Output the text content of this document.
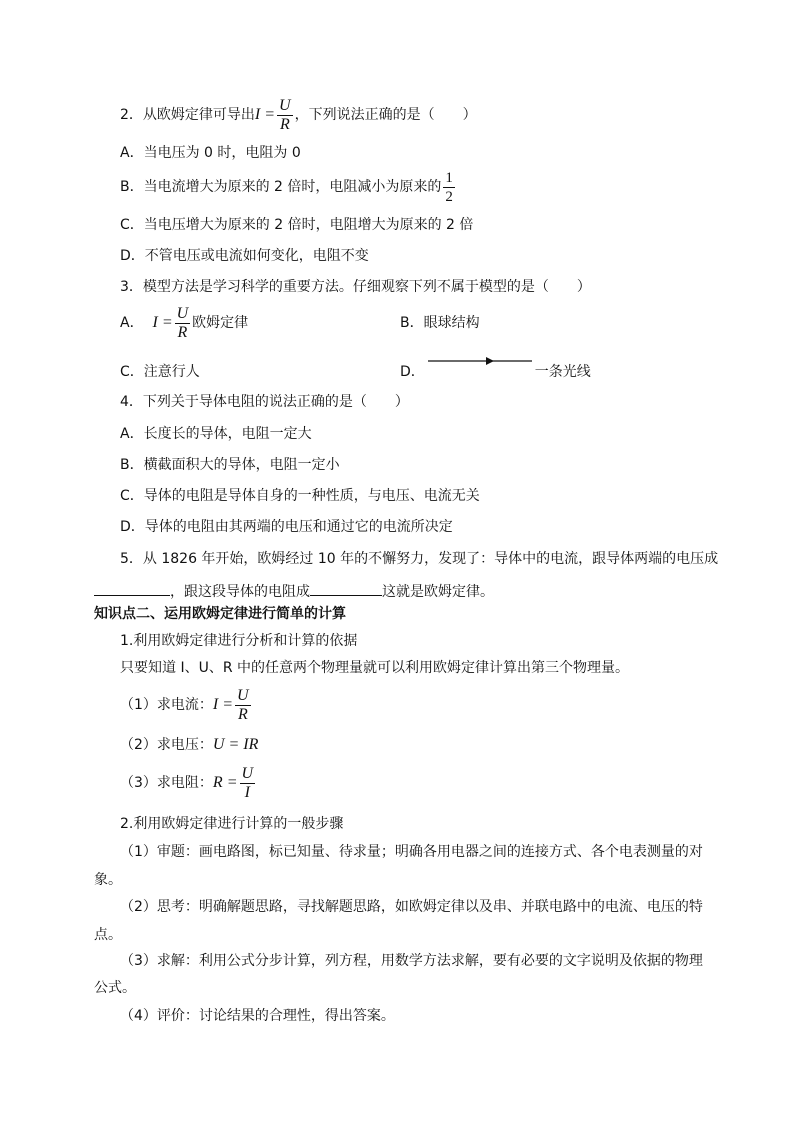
2．从欧姆定律可导出$I = \frac{U}{R}$ ，下列说法正确的是（　　）
A．当电压为 0 时，电阻为 0
B．当电流增大为原来的 2 倍时，电阻减小为原来的 $\frac{1}{2}$
C．当电压增大为原来的 2 倍时，电阻增大为原来的 2 倍
D．不管电压或电流如何变化，电阻不变
3．模型方法是学习科学的重要方法。仔细观察下列不属于模型的是（　　）
A． $I = \frac{U}{R}$ 欧姆定律	B．眼球结构
C．注意行人	D．	一条光线
4．下列关于导体电阻的说法正确的是（　　）
A．长度长的导体，电阻一定大
B．横截面积大的导体，电阻一定小
C．导体的电阻是导体自身的一种性质，与电压、电流无关
D．导体的电阻由其两端的电压和通过它的电流所决定
5．从 1826 年开始，欧姆经过 10 年的不懈努力，发现了：导体中的电流，跟导体两端的电压成
，跟这段导体的电阻成	这就是欧姆定律。
知识点二、运用欧姆定律进行简单的计算
1.利用欧姆定律进行分析和计算的依据
只要知道 I、U、R 中的任意两个物理量就可以利用欧姆定律计算出第三个物理量。
（1）求电流：$I = \frac{U}{R}$
（2）求电压：U = IR
（3）求电阻：$R = \frac{U}{I}$
2.利用欧姆定律进行计算的一般步骤
（1）审题：画电路图，标已知量、待求量；明确各用电器之间的连接方式、各个电表测量的对
象。
（2）思考：明确解题思路，寻找解题思路，如欧姆定律以及串、并联电路中的电流、电压的特
点。
（3）求解：利用公式分步计算，列方程，用数学方法求解，要有必要的文字说明及依据的物理
公式。
（4）评价：讨论结果的合理性，得出答案。
